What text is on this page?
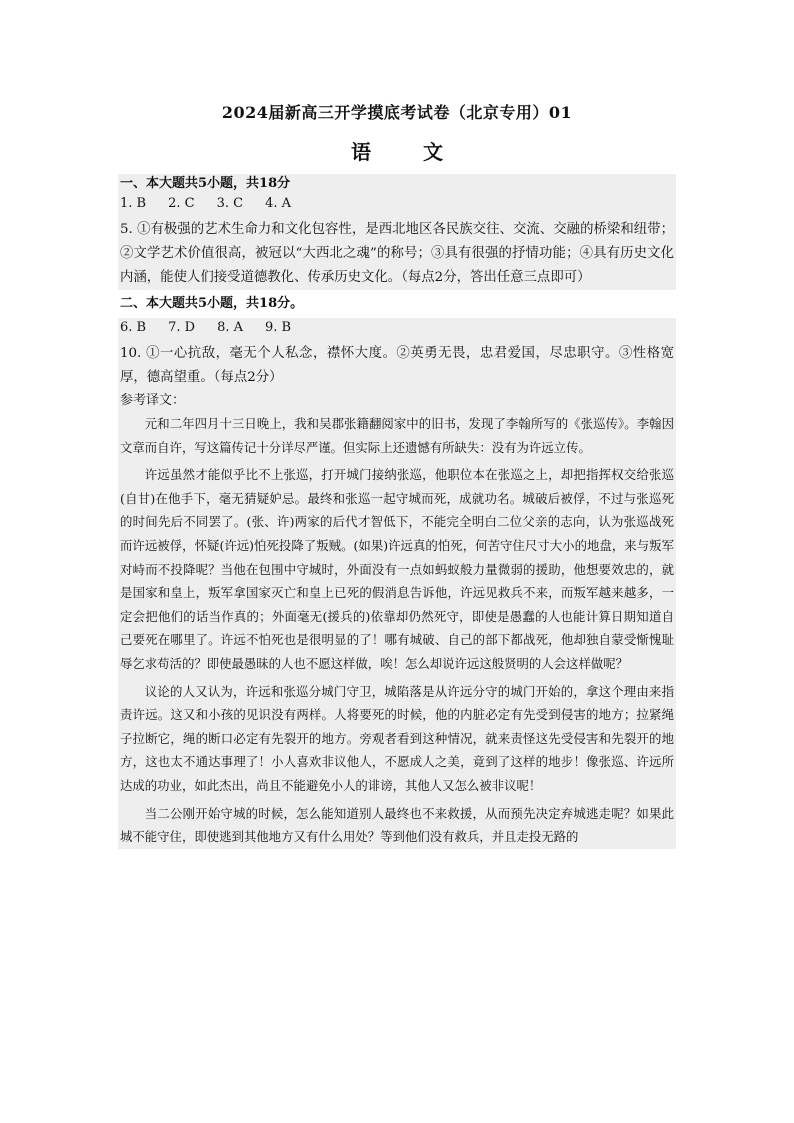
2024届新高三开学摸底考试卷（北京专用）01
语	文

一、本大题共5小题，共18分

1. B 2. C 3. C 4. A

5. ①有极强的艺术生命力和文化包容性，是西北地区各民族交往、交流、交融的桥梁和纽带；②文学艺术价值很高，被冠以“大西北之魂”的称号；③具有很强的抒情功能；④具有历史文化内涵，能使人们接受道德教化、传承历史文化。（每点2分，答出任意三点即可）

二、本大题共5小题，共18分。

6. B 7. D 8. A 9. B

10. ①一心抗敌，毫无个人私念，襟怀大度。②英勇无畏，忠君爱国，尽忠职守。③性格宽厚，德高望重。（每点2分）

参考译文：

元和二年四月十三日晚上，我和吴郡张籍翻阅家中的旧书，发现了李翰所写的《张巡传》。李翰因文章而自许，写这篇传记十分详尽严谨。但实际上还遗憾有所缺失：没有为许远立传。

许远虽然才能似乎比不上张巡，打开城门接纳张巡，他职位本在张巡之上，却把指挥权交给张巡(自甘)在他手下，毫无猜疑妒忌。最终和张巡一起守城而死，成就功名。城破后被俘，不过与张巡死的时间先后不同罢了。(张、许)两家的后代才智低下，不能完全明白二位父亲的志向，认为张巡战死而许远被俘，怀疑(许远)怕死投降了叛贼。(如果)许远真的怕死，何苦守住尺寸大小的地盘，来与叛军对峙而不投降呢？当他在包围中守城时，外面没有一点如蚂蚁般力量微弱的援助，他想要效忠的，就是国家和皇上，叛军拿国家灭亡和皇上已死的假消息告诉他，许远见救兵不来，而叛军越来越多，一定会把他们的话当作真的；外面毫无(援兵的)依靠却仍然死守，即使是愚蠢的人也能计算日期知道自己要死在哪里了。许远不怕死也是很明显的了！哪有城破、自己的部下都战死，他却独自蒙受惭愧耻辱乞求苟活的？即使最愚昧的人也不愿这样做，唉！怎么却说许远这般贤明的人会这样做呢？

议论的人又认为，许远和张巡分城门守卫，城陷落是从许远分守的城门开始的，拿这个理由来指责许远。这又和小孩的见识没有两样。人将要死的时候，他的内脏必定有先受到侵害的地方；拉紧绳子拉断它，绳的断口必定有先裂开的地方。旁观者看到这种情况，就来责怪这先受侵害和先裂开的地方，这也太不通达事理了！小人喜欢非议他人，不愿成人之美，竟到了这样的地步！像张巡、许远所达成的功业，如此杰出，尚且不能避免小人的诽谤，其他人又怎么被非议呢！

当二公刚开始守城的时候，怎么能知道别人最终也不来救援，从而预先决定弃城逃走呢？如果此城不能守住，即使逃到其他地方又有什么用处？等到他们没有救兵，并且走投无路的
